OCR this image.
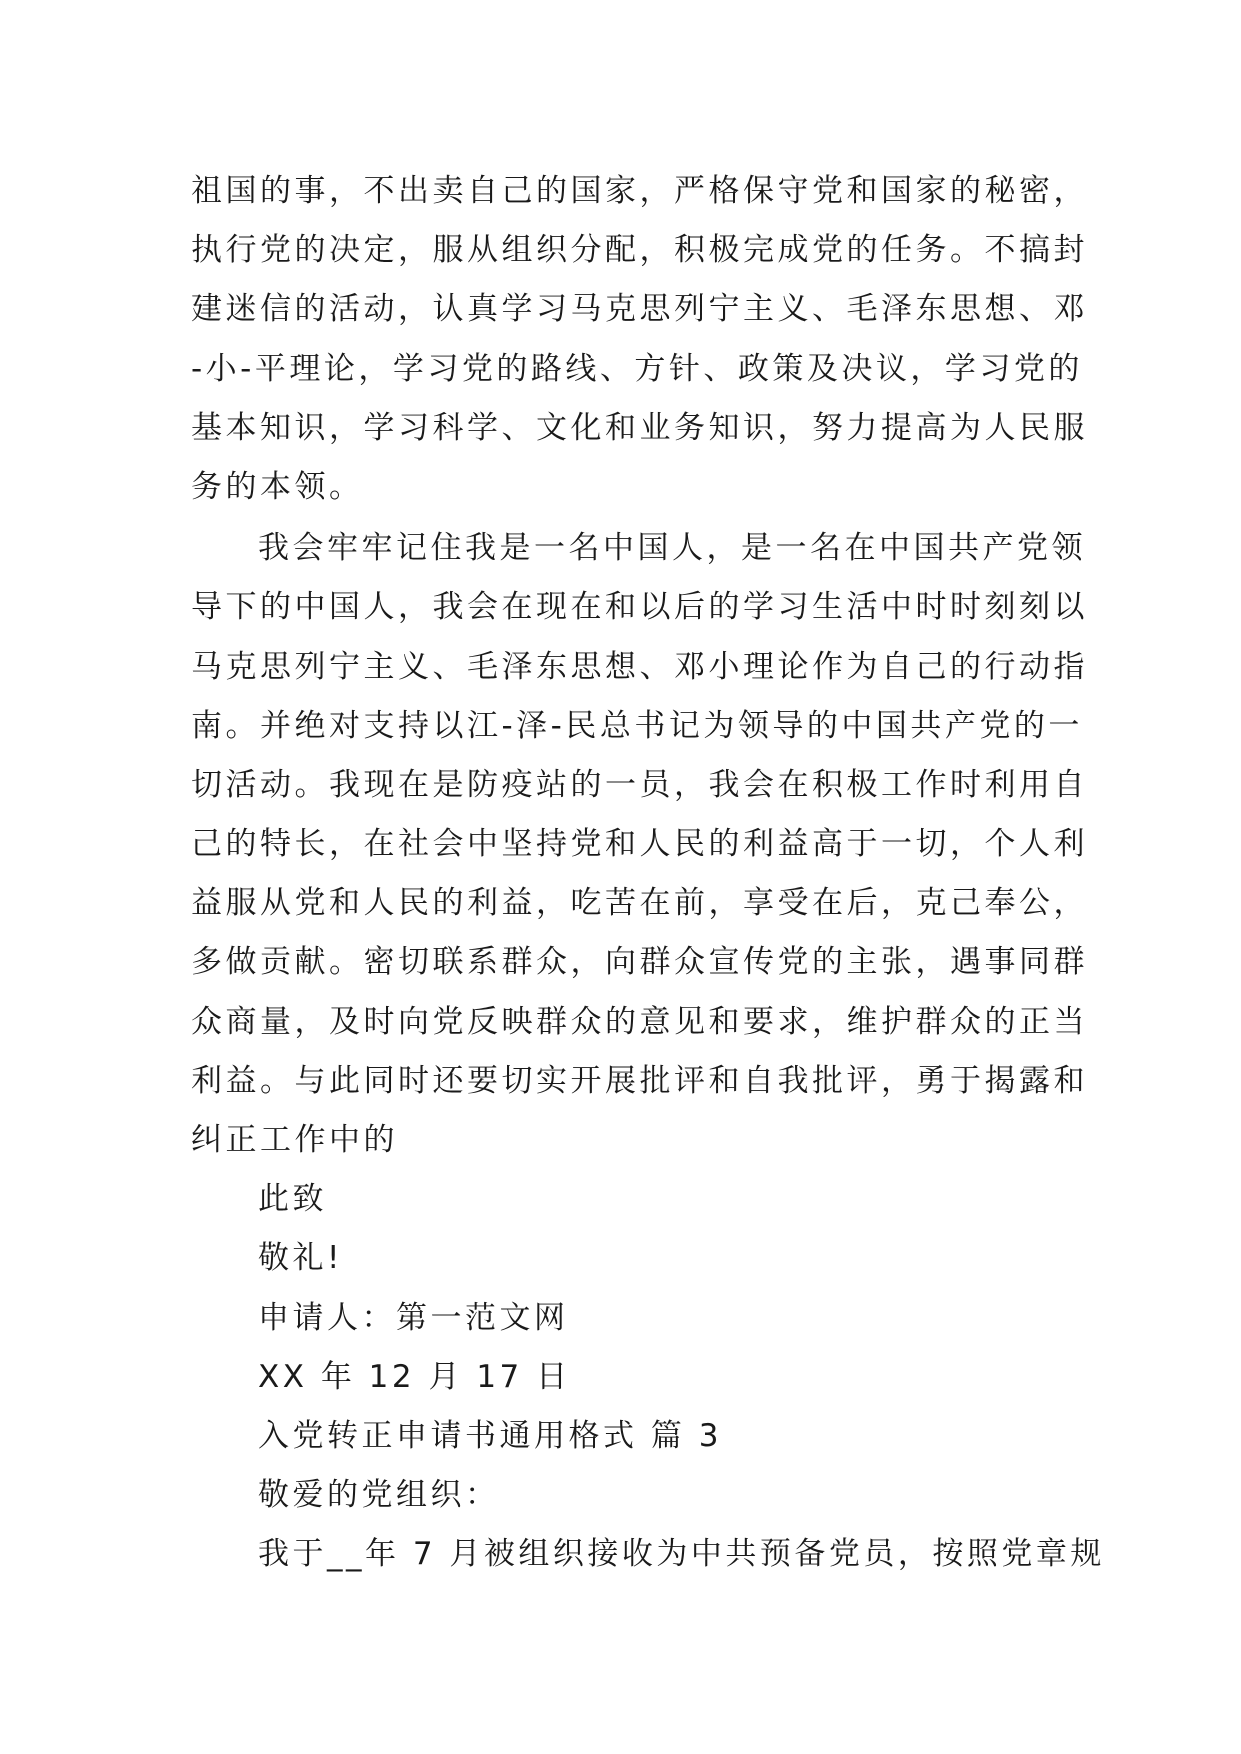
祖国的事，不出卖自己的国家，严格保守党和国家的秘密，
执行党的决定，服从组织分配，积极完成党的任务。不搞封
建迷信的活动，认真学习马克思列宁主义、毛泽东思想、邓
-小-平理论，学习党的路线、方针、政策及决议，学习党的
基本知识，学习科学、文化和业务知识，努力提高为人民服
务的本领。
我会牢牢记住我是一名中国人，是一名在中国共产党领
导下的中国人，我会在现在和以后的学习生活中时时刻刻以
马克思列宁主义、毛泽东思想、邓小理论作为自己的行动指
南。并绝对支持以江-泽-民总书记为领导的中国共产党的一
切活动。我现在是防疫站的一员，我会在积极工作时利用自
己的特长，在社会中坚持党和人民的利益高于一切，个人利
益服从党和人民的利益，吃苦在前，享受在后，克己奉公，
多做贡献。密切联系群众，向群众宣传党的主张，遇事同群
众商量，及时向党反映群众的意见和要求，维护群众的正当
利益。与此同时还要切实开展批评和自我批评，勇于揭露和
纠正工作中的
此致
敬礼!
申请人：第一范文网
XX 年 12 月 17 日
入党转正申请书通用格式 篇 3
敬爱的党组织：
我于__年 7 月被组织接收为中共预备党员，按照党章规
